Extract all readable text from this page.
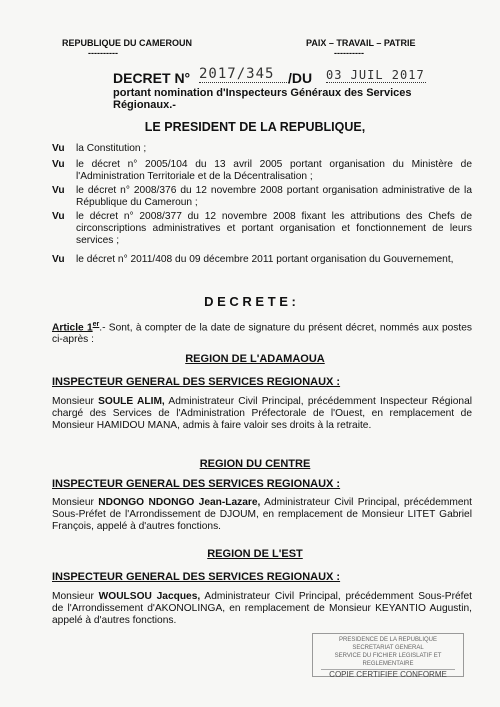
REPUBLIQUE DU CAMEROUN
----------
PAIX – TRAVAIL – PATRIE
----------
DECRET N° 2017/345 /DU 03 JUIL 2017
portant nomination d'Inspecteurs Généraux des Services
Régionaux.-
LE PRESIDENT DE LA REPUBLIQUE,
Vu la Constitution ;
Vu le décret n° 2005/104 du 13 avril 2005 portant organisation du Ministère de l'Administration Territoriale et de la Décentralisation ;
Vu le décret n° 2008/376 du 12 novembre 2008 portant organisation administrative de la République du Cameroun ;
Vu le décret n° 2008/377 du 12 novembre 2008 fixant les attributions des Chefs de circonscriptions administratives et portant organisation et fonctionnement de leurs services ;
Vu le décret n° 2011/408 du 09 décembre 2011 portant organisation du Gouvernement,
D E C R E T E :
Article 1er.- Sont, à compter de la date de signature du présent décret, nommés aux postes ci-après :
REGION DE L'ADAMAOUA
INSPECTEUR GENERAL DES SERVICES REGIONAUX :
Monsieur SOULE ALIM, Administrateur Civil Principal, précédemment Inspecteur Régional chargé des Services de l'Administration Préfectorale de l'Ouest, en remplacement de Monsieur HAMIDOU MANA, admis à faire valoir ses droits à la retraite.
REGION DU CENTRE
INSPECTEUR GENERAL DES SERVICES REGIONAUX :
Monsieur NDONGO NDONGO Jean-Lazare, Administrateur Civil Principal, précédemment Sous-Préfet de l'Arrondissement de DJOUM, en remplacement de Monsieur LITET Gabriel François, appelé à d'autres fonctions.
REGION DE L'EST
INSPECTEUR GENERAL DES SERVICES REGIONAUX :
Monsieur WOULSOU Jacques, Administrateur Civil Principal, précédemment Sous-Préfet de l'Arrondissement d'AKONOLINGA, en remplacement de Monsieur KEYANTIO Augustin, appelé à d'autres fonctions.
PRESIDENCE DE LA REPUBLIQUE
SECRETARIAT GENERAL
SERVICE DU FICHIER LEGISLATIF ET REGLEMENTAIRE
COPIE CERTIFIEE CONFORME
